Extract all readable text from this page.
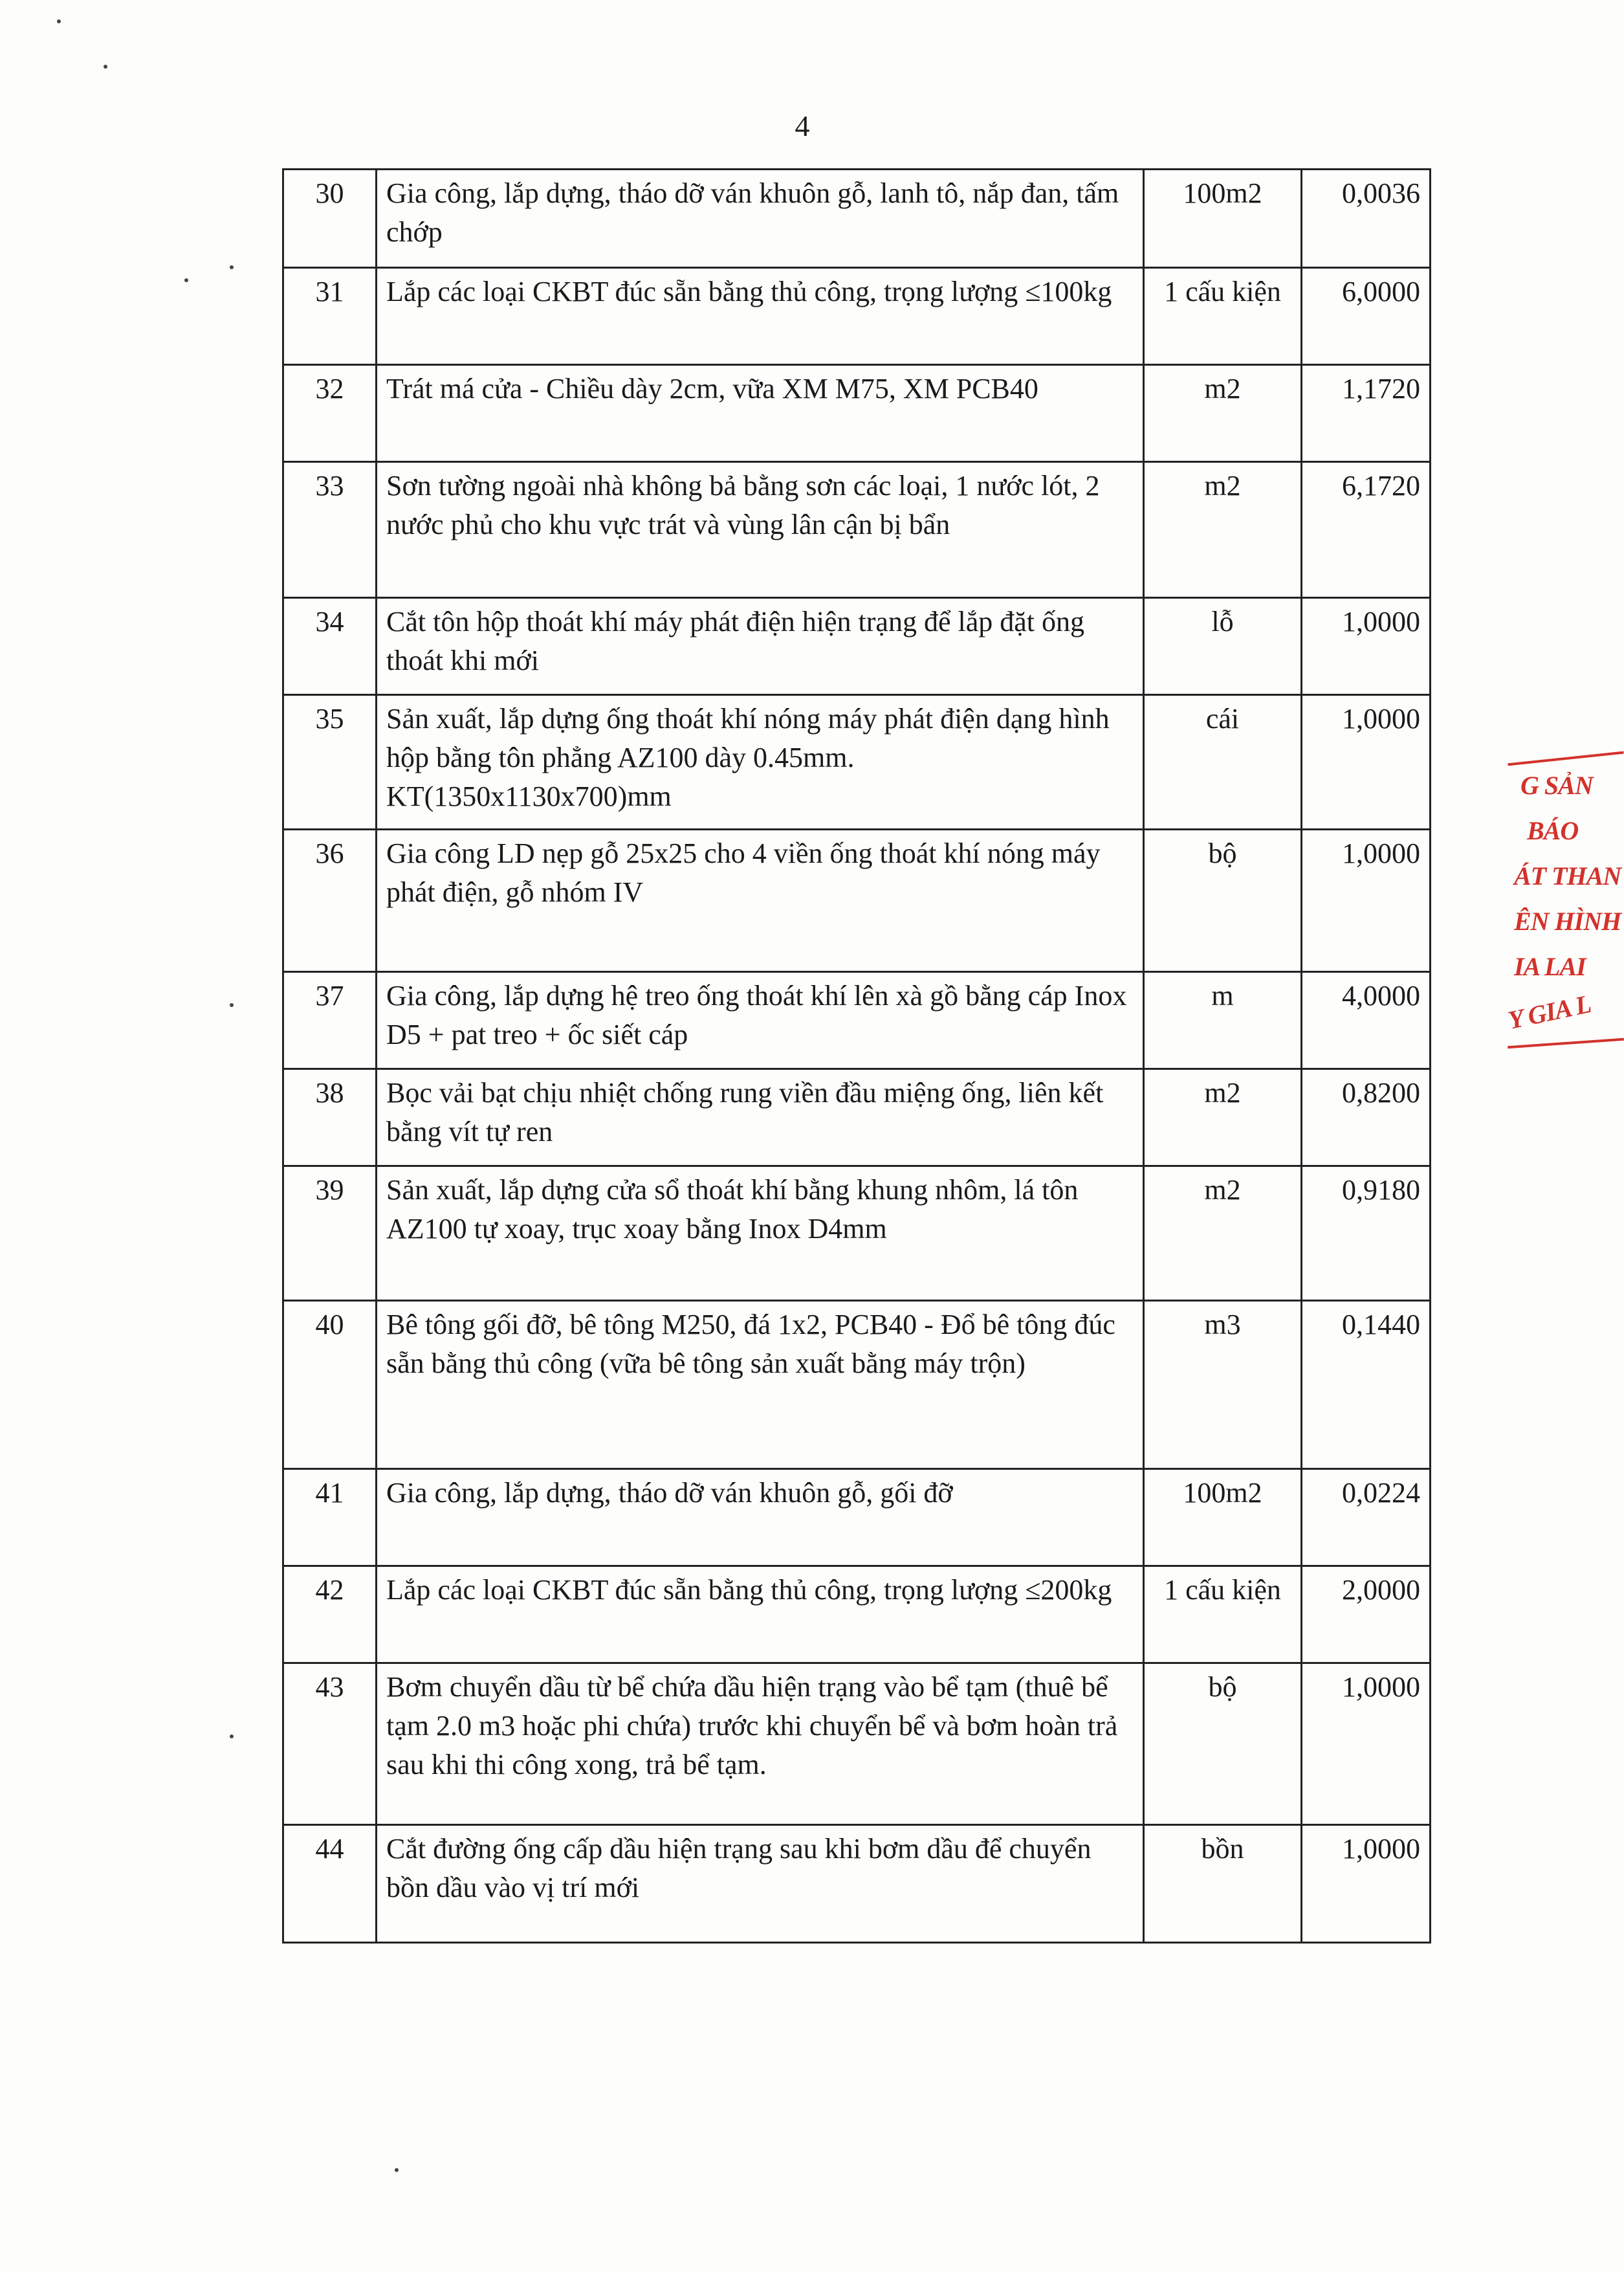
4
30	Gia công, lắp dựng, tháo dỡ ván khuôn gỗ, lanh tô, nắp đan, tấm chớp	100m2	0,0036
31	Lắp các loại CKBT đúc sẵn bằng thủ công, trọng lượng ≤100kg	1 cấu kiện	6,0000
32	Trát má cửa - Chiều dày 2cm, vữa XM M75, XM PCB40	m2	1,1720
33	Sơn tường ngoài nhà không bả bằng sơn các loại, 1 nước lót, 2 nước phủ cho khu vực trát và vùng lân cận bị bẩn	m2	6,1720
34	Cắt tôn hộp thoát khí máy phát điện hiện trạng để lắp đặt ống thoát khi mới	lỗ	1,0000
35	Sản xuất, lắp dựng ống thoát khí nóng máy phát điện dạng hình hộp bằng tôn phẳng AZ100 dày 0.45mm. KT(1350x1130x700)mm	cái	1,0000
36	Gia công LD nẹp gỗ 25x25 cho 4 viền ống thoát khí nóng máy phát điện, gỗ nhóm IV	bộ	1,0000
37	Gia công, lắp dựng hệ treo ống thoát khí lên xà gồ bằng cáp Inox D5 + pat treo + ốc siết cáp	m	4,0000
38	Bọc vải bạt chịu nhiệt chống rung viền đầu miệng ống, liên kết bằng vít tự ren	m2	0,8200
39	Sản xuất, lắp dựng cửa sổ thoát khí bằng khung nhôm, lá tôn AZ100 tự xoay, trục xoay bằng Inox D4mm	m2	0,9180
40	Bê tông gối đỡ, bê tông M250, đá 1x2, PCB40 - Đổ bê tông đúc sẵn bằng thủ công (vữa bê tông sản xuất bằng máy trộn)	m3	0,1440
41	Gia công, lắp dựng, tháo dỡ ván khuôn gỗ, gối đỡ	100m2	0,0224
42	Lắp các loại CKBT đúc sẵn bằng thủ công, trọng lượng ≤200kg	1 cấu kiện	2,0000
43	Bơm chuyển dầu từ bể chứa dầu hiện trạng vào bể tạm (thuê bể tạm 2.0 m3 hoặc phi chứa) trước khi chuyển bể và bơm hoàn trả sau khi thi công xong, trả bể tạm.	bộ	1,0000
44	Cắt đường ống cấp dầu hiện trạng sau khi bơm dầu để chuyển bồn dầu vào vị trí mới	bồn	1,0000
G SẢN
BÁO
ÁT THAN
ÊN HÌNH
IA LAI
Y GIA L
